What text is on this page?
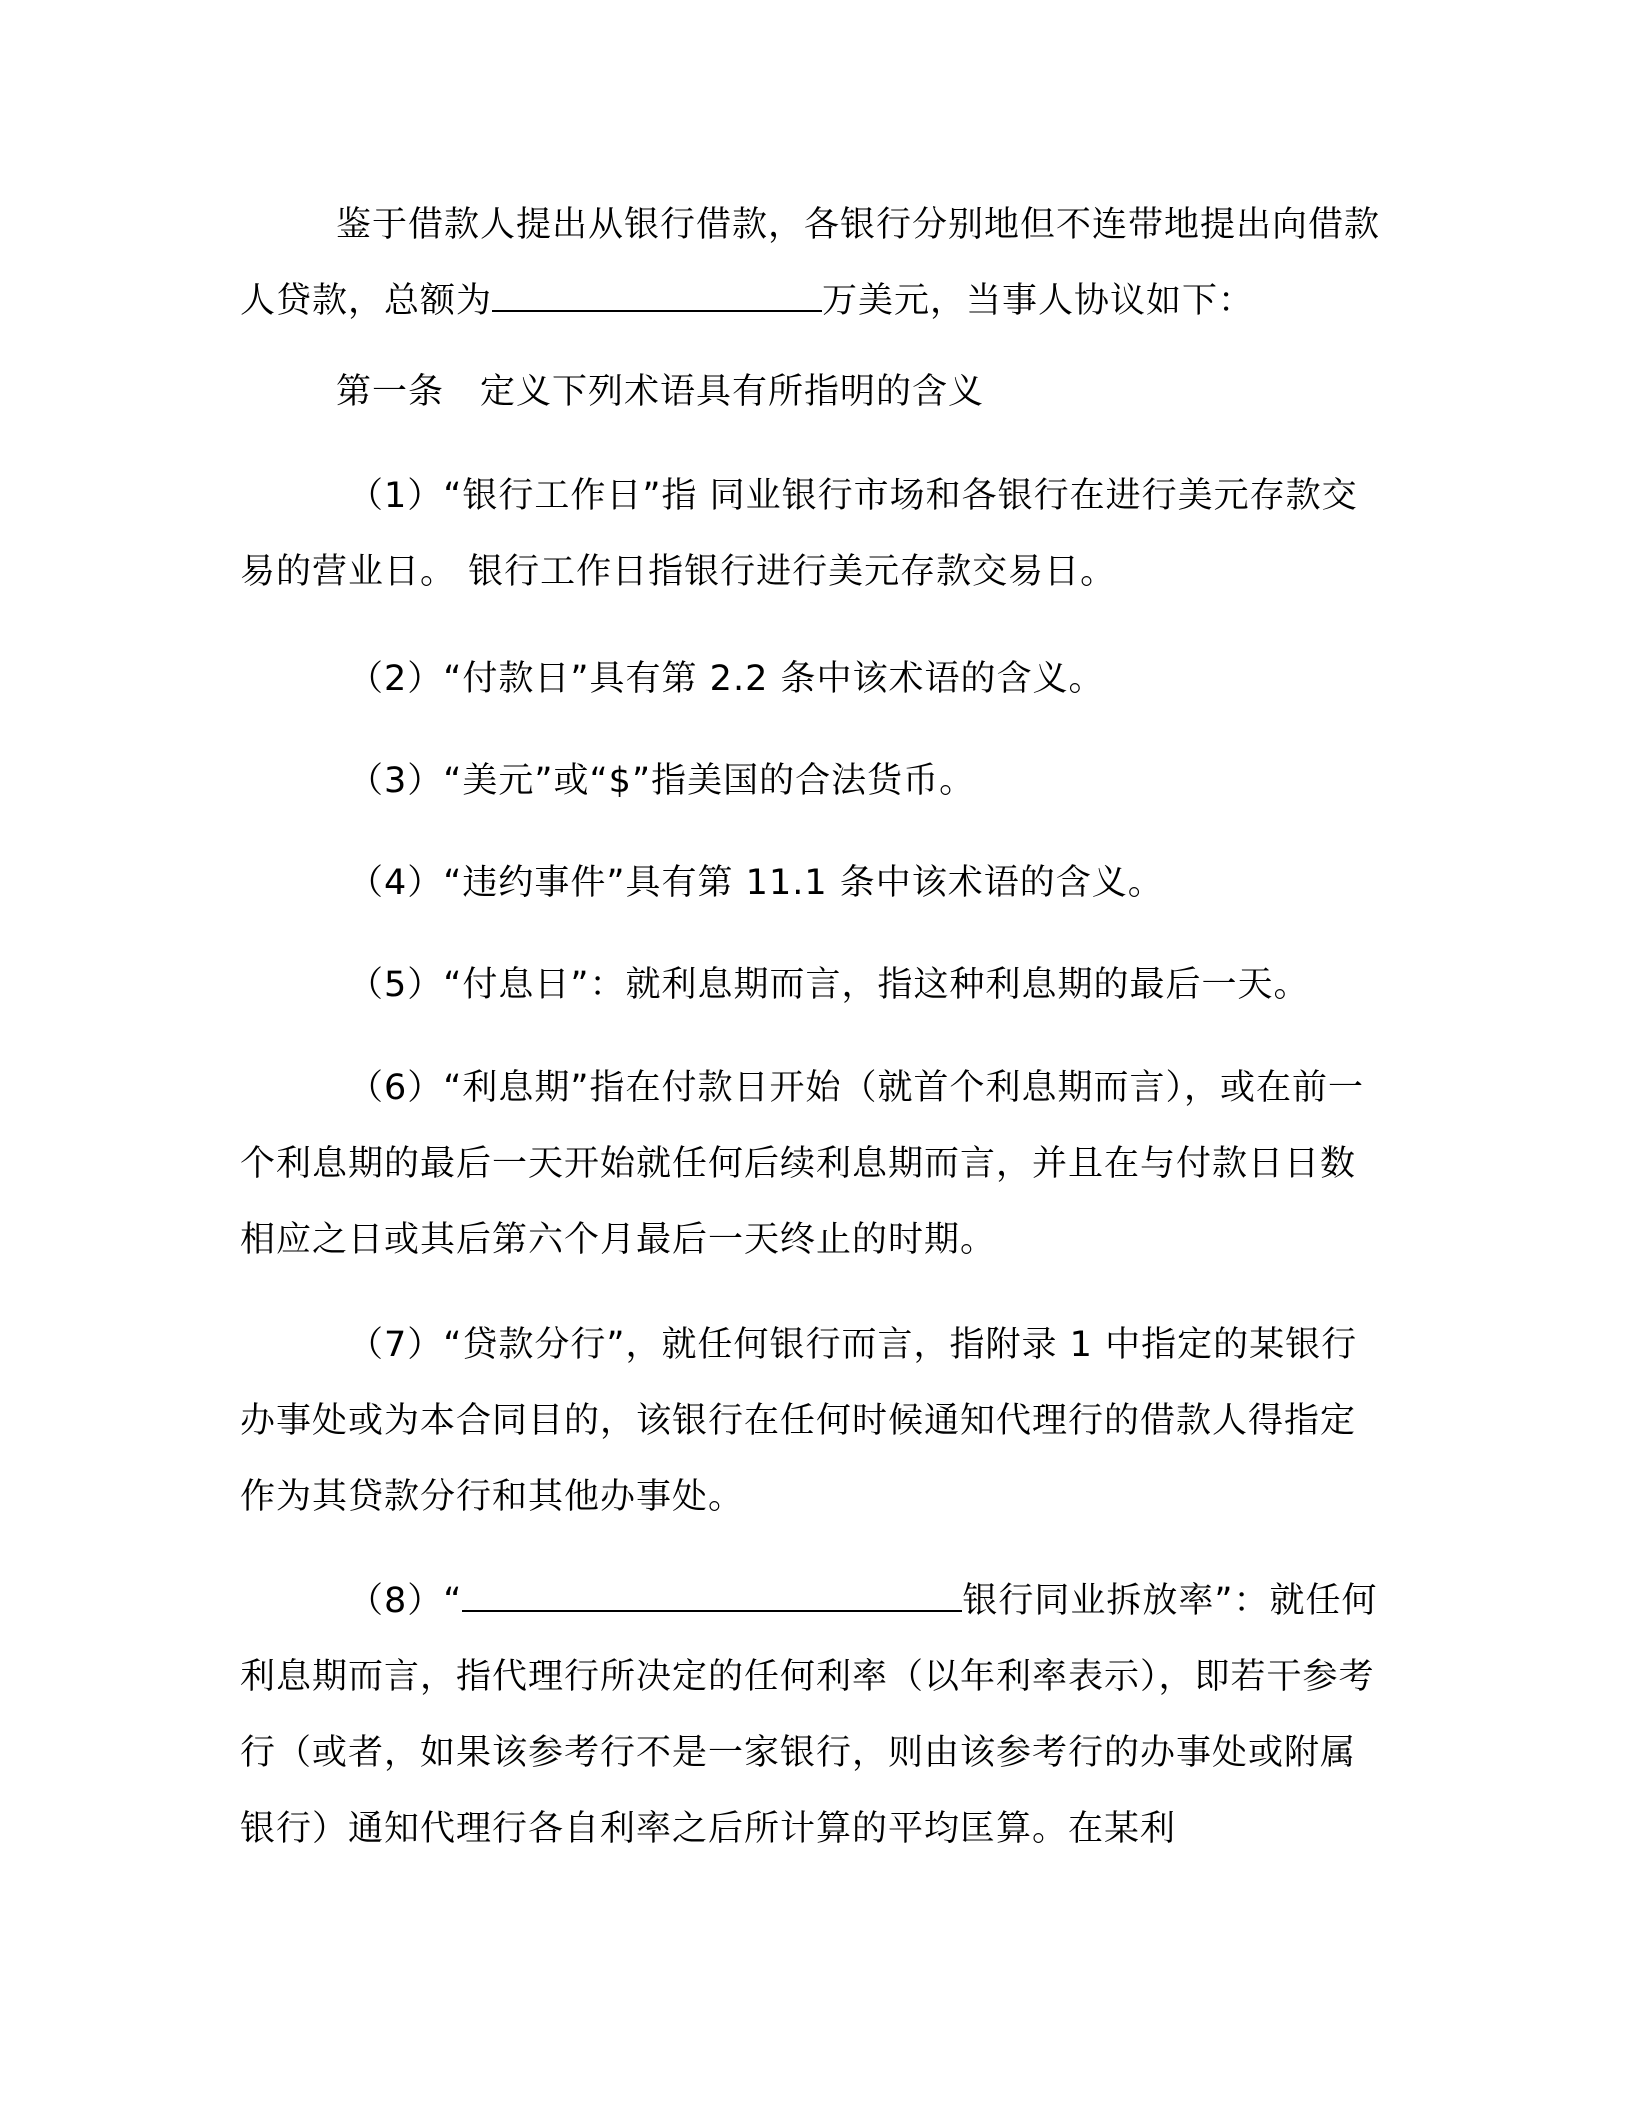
鉴于借款人提出从银行借款，各银行分别地但不连带地提出向借款人贷款，总额为	万美元，当事人协议如下：
第一条 定义下列术语具有所指明的含义
（1）“银行工作日”指 同业银行市场和各银行在进行美元存款交易的营业日。 银行工作日指银行进行美元存款交易日。
（2）“付款日”具有第 2.2 条中该术语的含义。
（3）“美元”或“$”指美国的合法货币。
（4）“违约事件”具有第 11.1 条中该术语的含义。
（5）“付息日”：就利息期而言，指这种利息期的最后一天。
（6）“利息期”指在付款日开始（就首个利息期而言），或在前一个利息期的最后一天开始就任何后续利息期而言，并且在与付款日日数相应之日或其后第六个月最后一天终止的时期。
（7）“贷款分行”，就任何银行而言，指附录 1 中指定的某银行办事处或为本合同目的，该银行在任何时候通知代理行的借款人得指定作为其贷款分行和其他办事处。
（8）“	银行同业拆放率”：就任何利息期而言，指代理行所决定的任何利率（以年利率表示），即若干参考行（或者，如果该参考行不是一家银行，则由该参考行的办事处或附属银行）通知代理行各自利率之后所计算的平均匡算。在某利
